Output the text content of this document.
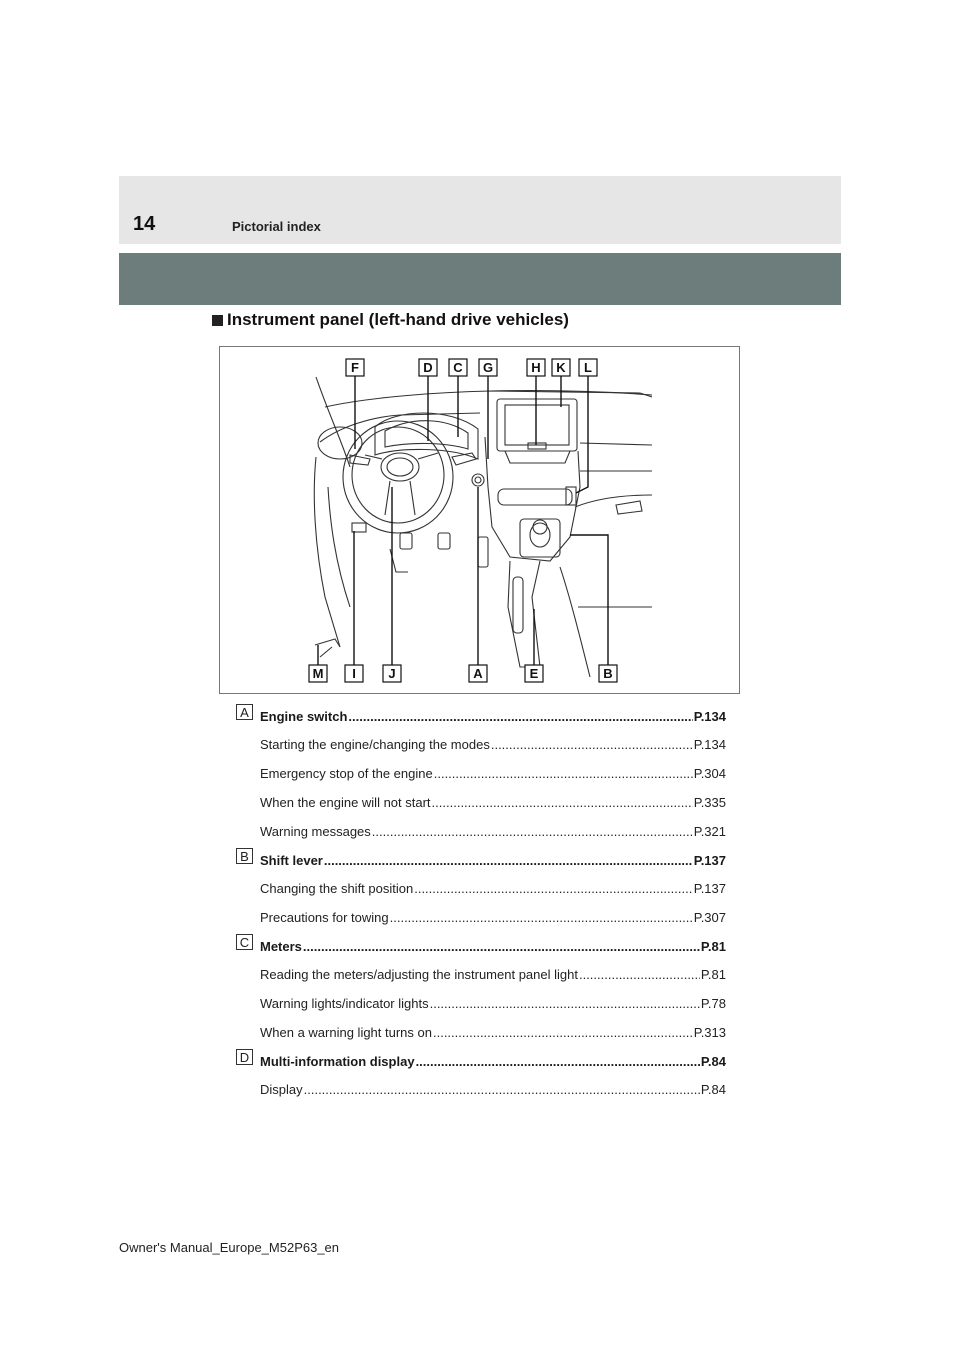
14	Pictorial index
Instrument panel (left-hand drive vehicles)
F	D C G	H K L
M I	J	A	E	B
A Engine switch .....	P.134
Starting the engine/changing the modes .....	P.134
Emergency stop of the engine .....	P.304
When the engine will not start .....	P.335
Warning messages .....	P.321
B Shift lever .....	P.137
Changing the shift position .....	P.137
Precautions for towing .....	P.307
C Meters .....	P.81
Reading the meters/adjusting the instrument panel light .....	P.81
Warning lights/indicator lights .....	P.78
When a warning light turns on .....	P.313
D Multi-information display .....	P.84
Display .....	P.84
Owner's Manual_Europe_M52P63_en
